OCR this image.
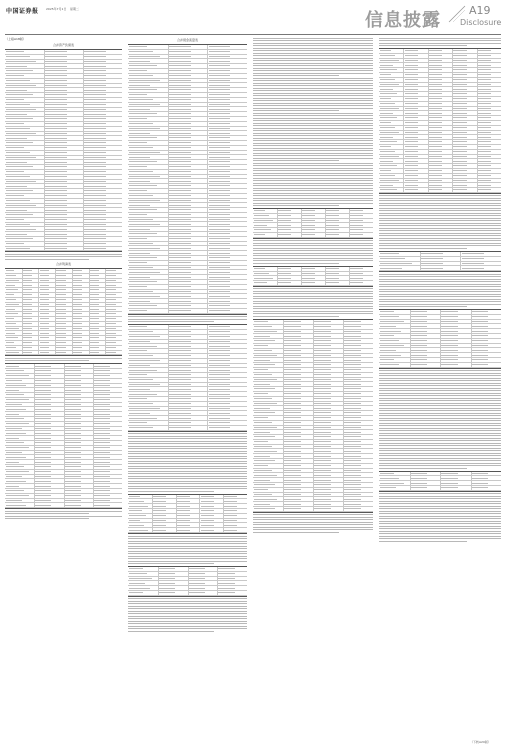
中国证券报 2025年7月1日 星期二
信息披露	A19
Disclosure
（上接A18版）
合并资产负债表
合并利润表
合并现金流量表
（下转A20版）
